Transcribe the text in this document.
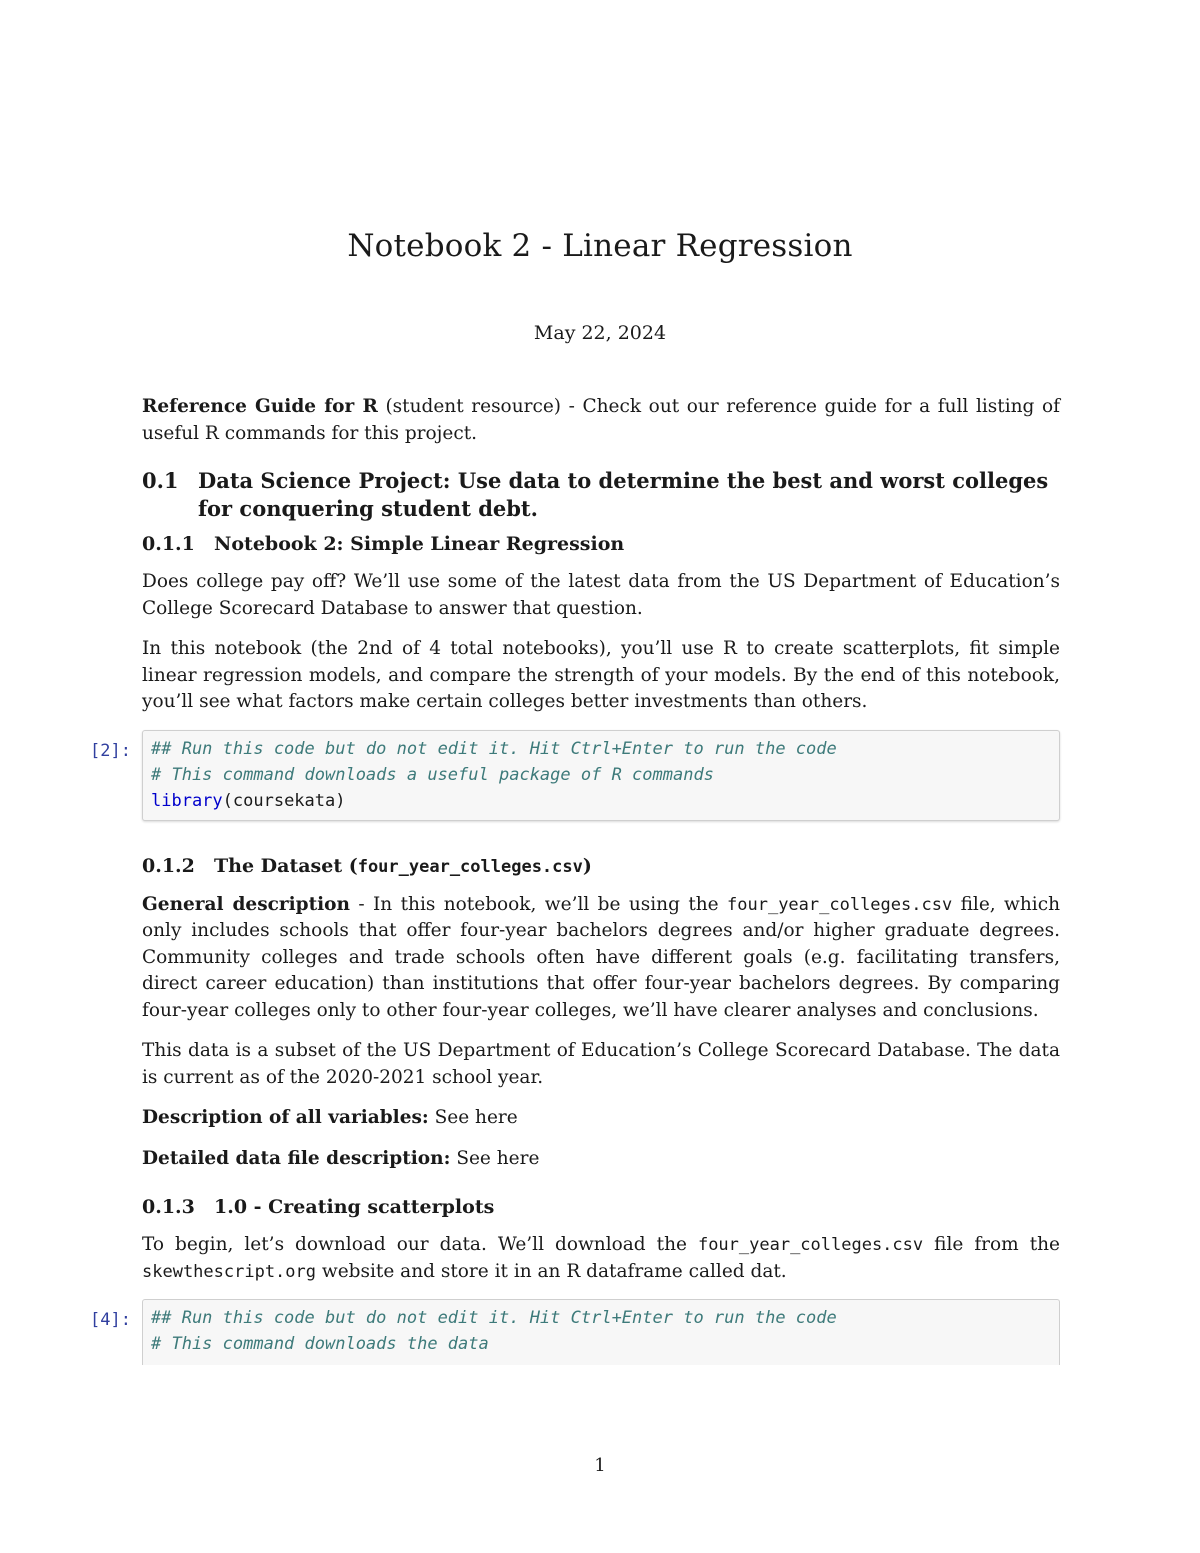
Notebook 2 - Linear Regression
May 22, 2024

Reference Guide for R (student resource) - Check out our reference guide for a full listing of useful R commands for this project.

0.1 Data Science Project: Use data to determine the best and worst colleges for conquering student debt.
0.1.1	Notebook 2: Simple Linear Regression

Does college pay off? We’ll use some of the latest data from the US Department of Education’s College Scorecard Database to answer that question.

In this notebook (the 2nd of 4 total notebooks), you’ll use R to create scatterplots, fit simple linear regression models, and compare the strength of your models. By the end of this notebook, you’ll see what factors make certain colleges better investments than others.

[2]: ## Run this code but do not edit it. Hit Ctrl+Enter to run the code
# This command downloads a useful package of R commands
library(coursekata)
0.1.2	The Dataset (four_year_colleges.csv)

General description - In this notebook, we’ll be using the four_year_colleges.csv file, which only includes schools that offer four-year bachelors degrees and/or higher graduate degrees. Community colleges and trade schools often have different goals (e.g. facilitating transfers, direct career education) than institutions that offer four-year bachelors degrees. By comparing four-year colleges only to other four-year colleges, we’ll have clearer analyses and conclusions.

This data is a subset of the US Department of Education’s College Scorecard Database. The data is current as of the 2020-2021 school year.

Description of all variables: See here

Detailed data file description: See here

0.1.3	1.0 - Creating scatterplots

To begin, let’s download our data. We’ll download the four_year_colleges.csv file from the skewthescript.org website and store it in an R dataframe called dat.

[4]: ## Run this code but do not edit it. Hit Ctrl+Enter to run the code
# This command downloads the data
1
